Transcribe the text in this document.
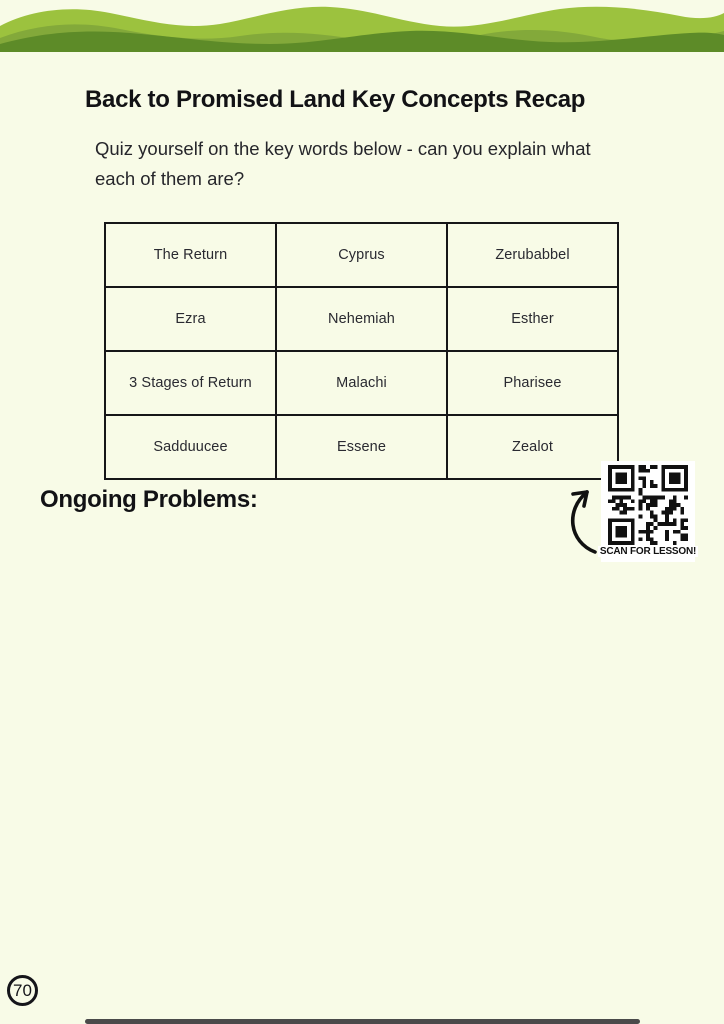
Back to Promised Land Key Concepts Recap
Quiz yourself on the key words below - can you explain what
each of them are?
The Return	Cyprus	Zerubabbel
Ezra	Nehemiah	Esther
3 Stages of Return	Malachi	Pharisee
Sadduucee	Essene	Zealot
Ongoing Problems:
SCAN FOR LESSON!
70
